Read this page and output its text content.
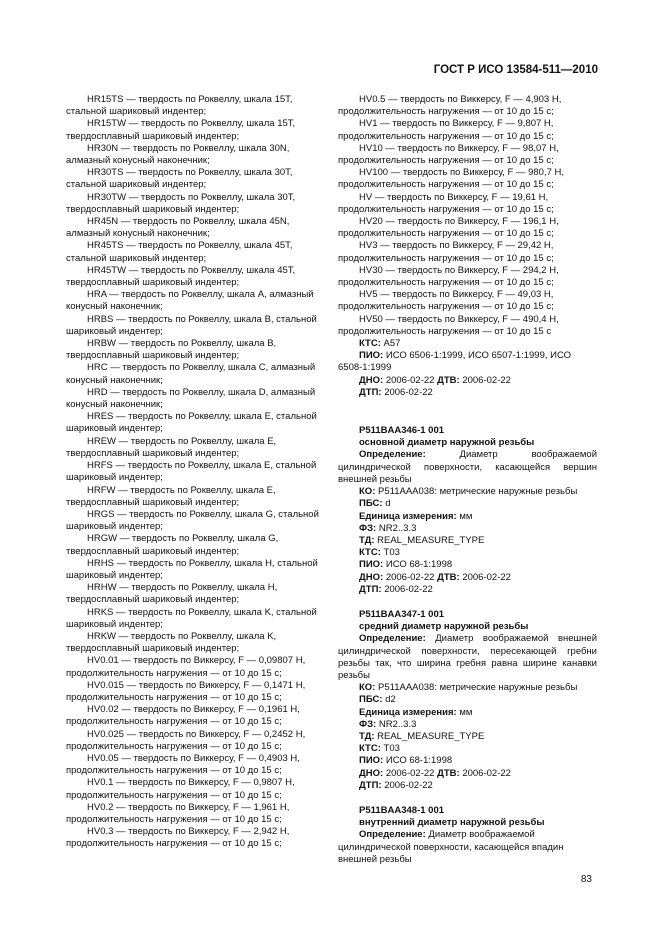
ГОСТ Р ИСО 13584-511—2010

HR15TS — твердость по Роквеллу, шкала 15T, стальной шариковый индентер;

HR15TW — твердость по Роквеллу, шкала 15T, твердосплавный шариковый индентер;

HR30N — твердость по Роквеллу, шкала 30N, алмазный конусный наконечник;

HR30TS — твердость по Роквеллу, шкала 30T, стальной шариковый индентер;

HR30TW — твердость по Роквеллу, шкала 30T, твердосплавный шариковый индентер;

HR45N — твердость по Роквеллу, шкала 45N, алмазный конусный наконечник;

HR45TS — твердость по Роквеллу, шкала 45T, стальной шариковый индентер;

HR45TW — твердость по Роквеллу, шкала 45T, твердосплавный шариковый индентер;

HRA — твердость по Роквеллу, шкала A, алмазный конусный наконечник;

HRBS — твердость по Роквеллу, шкала B, стальной шариковый индентер;

HRBW — твердость по Роквеллу, шкала B, твердосплавный шариковый индентер;

HRC — твердость по Роквеллу, шкала C, алмазный конусный наконечник;

HRD — твердость по Роквеллу, шкала D, алмазный конусный наконечник;

HRES — твердость по Роквеллу, шкала E, стальной шариковый индентер;

HREW — твердость по Роквеллу, шкала E, твердосплавный шариковый индентер;

HRFS — твердость по Роквеллу, шкала E, стальной шариковый индентер;

HRFW — твердость по Роквеллу, шкала E, твердосплавный шариковый индентер;

HRGS — твердость по Роквеллу, шкала G, стальной шариковый индентер;

HRGW — твердость по Роквеллу, шкала G, твердосплавный шариковый индентер;

HRHS — твердость по Роквеллу, шкала H, стальной шариковый индентер;

HRHW — твердость по Роквеллу, шкала H, твердосплавный шариковый индентер;

HRKS — твердость по Роквеллу, шкала K, стальной шариковый индентер;

HRKW — твердость по Роквеллу, шкала K, твердосплавный шариковый индентер;

HV0.01 — твердость по Виккерсу, F — 0,09807 Н, продолжительность нагружения — от 10 до 15 с;

HV0.015 — твердость по Виккерсу, F — 0,1471 Н, продолжительность нагружения — от 10 до 15 с;

HV0.02 — твердость по Виккерсу, F — 0,1961 Н, продолжительность нагружения — от 10 до 15 с;

HV0.025 — твердость по Виккерсу, F — 0,2452 Н, продолжительность нагружения — от 10 до 15 с;

HV0.05 — твердость по Виккерсу, F — 0,4903 Н, продолжительность нагружения — от 10 до 15 с;

HV0.1 — твердость по Виккерсу, F — 0,9807 Н, продолжительность нагружения — от 10 до 15 с;

HV0.2 — твердость по Виккерсу, F — 1,961 Н, продолжительность нагружения — от 10 до 15 с;

HV0.3 — твердость по Виккерсу, F — 2,942 Н, продолжительность нагружения — от 10 до 15 с;

HV0.5 — твердость по Виккерсу, F — 4,903 Н, продолжительность нагружения — от 10 до 15 с;

HV1 — твердость по Виккерсу, F — 9,807 Н, продолжительность нагружения — от 10 до 15 с;

HV10 — твердость по Виккерсу, F — 98,07 Н, продолжительность нагружения — от 10 до 15 с;

HV100 — твердость по Виккерсу, F — 980,7 Н, продолжительность нагружения — от 10 до 15 с;

HV — твердость по Виккерсу, F — 19,61 Н, продолжительность нагружения — от 10 до 15 с;

HV20 — твердость по Виккерсу, F — 196,1 Н, продолжительность нагружения — от 10 до 15 с;

HV3 — твердость по Виккерсу, F — 29,42 Н, продолжительность нагружения — от 10 до 15 с;

HV30 — твердость по Виккерсу, F — 294,2 Н, продолжительность нагружения — от 10 до 15 с;

HV5 — твердость по Виккерсу, F — 49,03 Н, продолжительность нагружения — от 10 до 15 с;

HV50 — твердость по Виккерсу, F — 490,4 Н, продолжительность нагружения — от 10 до 15 с

КТС: A57

ПИО: ИСО 6506-1:1999, ИСО 6507-1:1999, ИСО 6508-1:1999

ДНО: 2006-02-22 ДТВ: 2006-02-22
ДТП: 2006-02-22
P511BAA346-1 001
основной диаметр наружной резьбы

Определение:	Диаметр воображаемой цилиндрической поверхности, касающейся вершин внешней резьбы

КО: P511AAA038: метрические наружные резьбы
ПБС: d
Единица измерения: мм
ФЗ: NR2..3.3
ТД: REAL_MEASURE_TYPE
КТС: T03
ПИО: ИСО 68-1:1998
ДНО: 2006-02-22 ДТВ: 2006-02-22
ДТП: 2006-02-22
P511BAA347-1 001
средний диаметр наружной резьбы

Определение: Диаметр воображаемой внешней цилиндрической поверхности, пересекающей гребни резьбы так, что ширина гребня равна ширине канавки резьбы

КО: P511AAA038: метрические наружные резьбы
ПБС: d2
Единица измерения: мм
ФЗ: NR2..3.3
ТД: REAL_MEASURE_TYPE
КТС: T03
ПИО: ИСО 68-1:1998
ДНО: 2006-02-22 ДТВ: 2006-02-22
ДТП: 2006-02-22
P511BAA348-1 001
внутренний диаметр наружной резьбы

Определение: Диаметр воображаемой цилиндрической поверхности, касающейся впадин внешней резьбы

83
